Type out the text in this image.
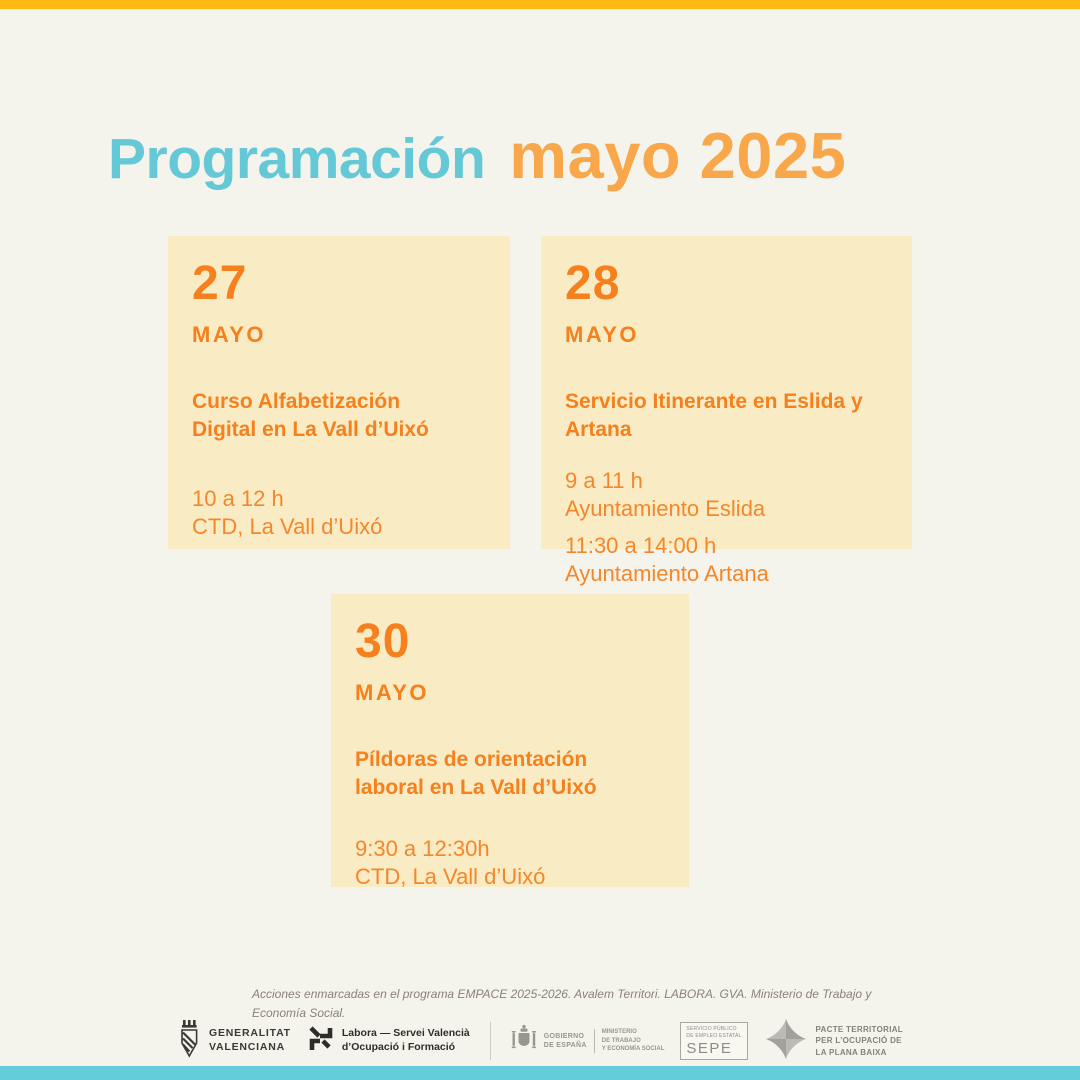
Programación mayo 2025
27
MAYO
Curso Alfabetización
Digital en La Vall d’Uixó
10 a 12 h
CTD, La Vall d’Uixó
28
MAYO
Servicio Itinerante en Eslida y
Artana
9 a 11 h
Ayuntamiento Eslida
11:30 a 14:00 h
Ayuntamiento Artana
30
MAYO
Píldoras de orientación
laboral en La Vall d’Uixó
9:30 a 12:30h
CTD, La Vall d’Uixó
Acciones enmarcadas en el programa EMPACE 2025-2026. Avalem Territori. LABORA. GVA. Ministerio de Trabajo y Economía Social.
GENERALITAT
VALENCIANA
Labora — Servei Valencià
d’Ocupació i Formació
GOBIERNO
DE ESPAÑA
MINISTERIO
DE TRABAJO
Y ECONOMÍA SOCIAL
SERVICIO PÚBLICO
DE EMPLEO ESTATAL
SEPE
PACTE TERRITORIAL
PER L’OCUPACIÓ DE
LA PLANA BAIXA
